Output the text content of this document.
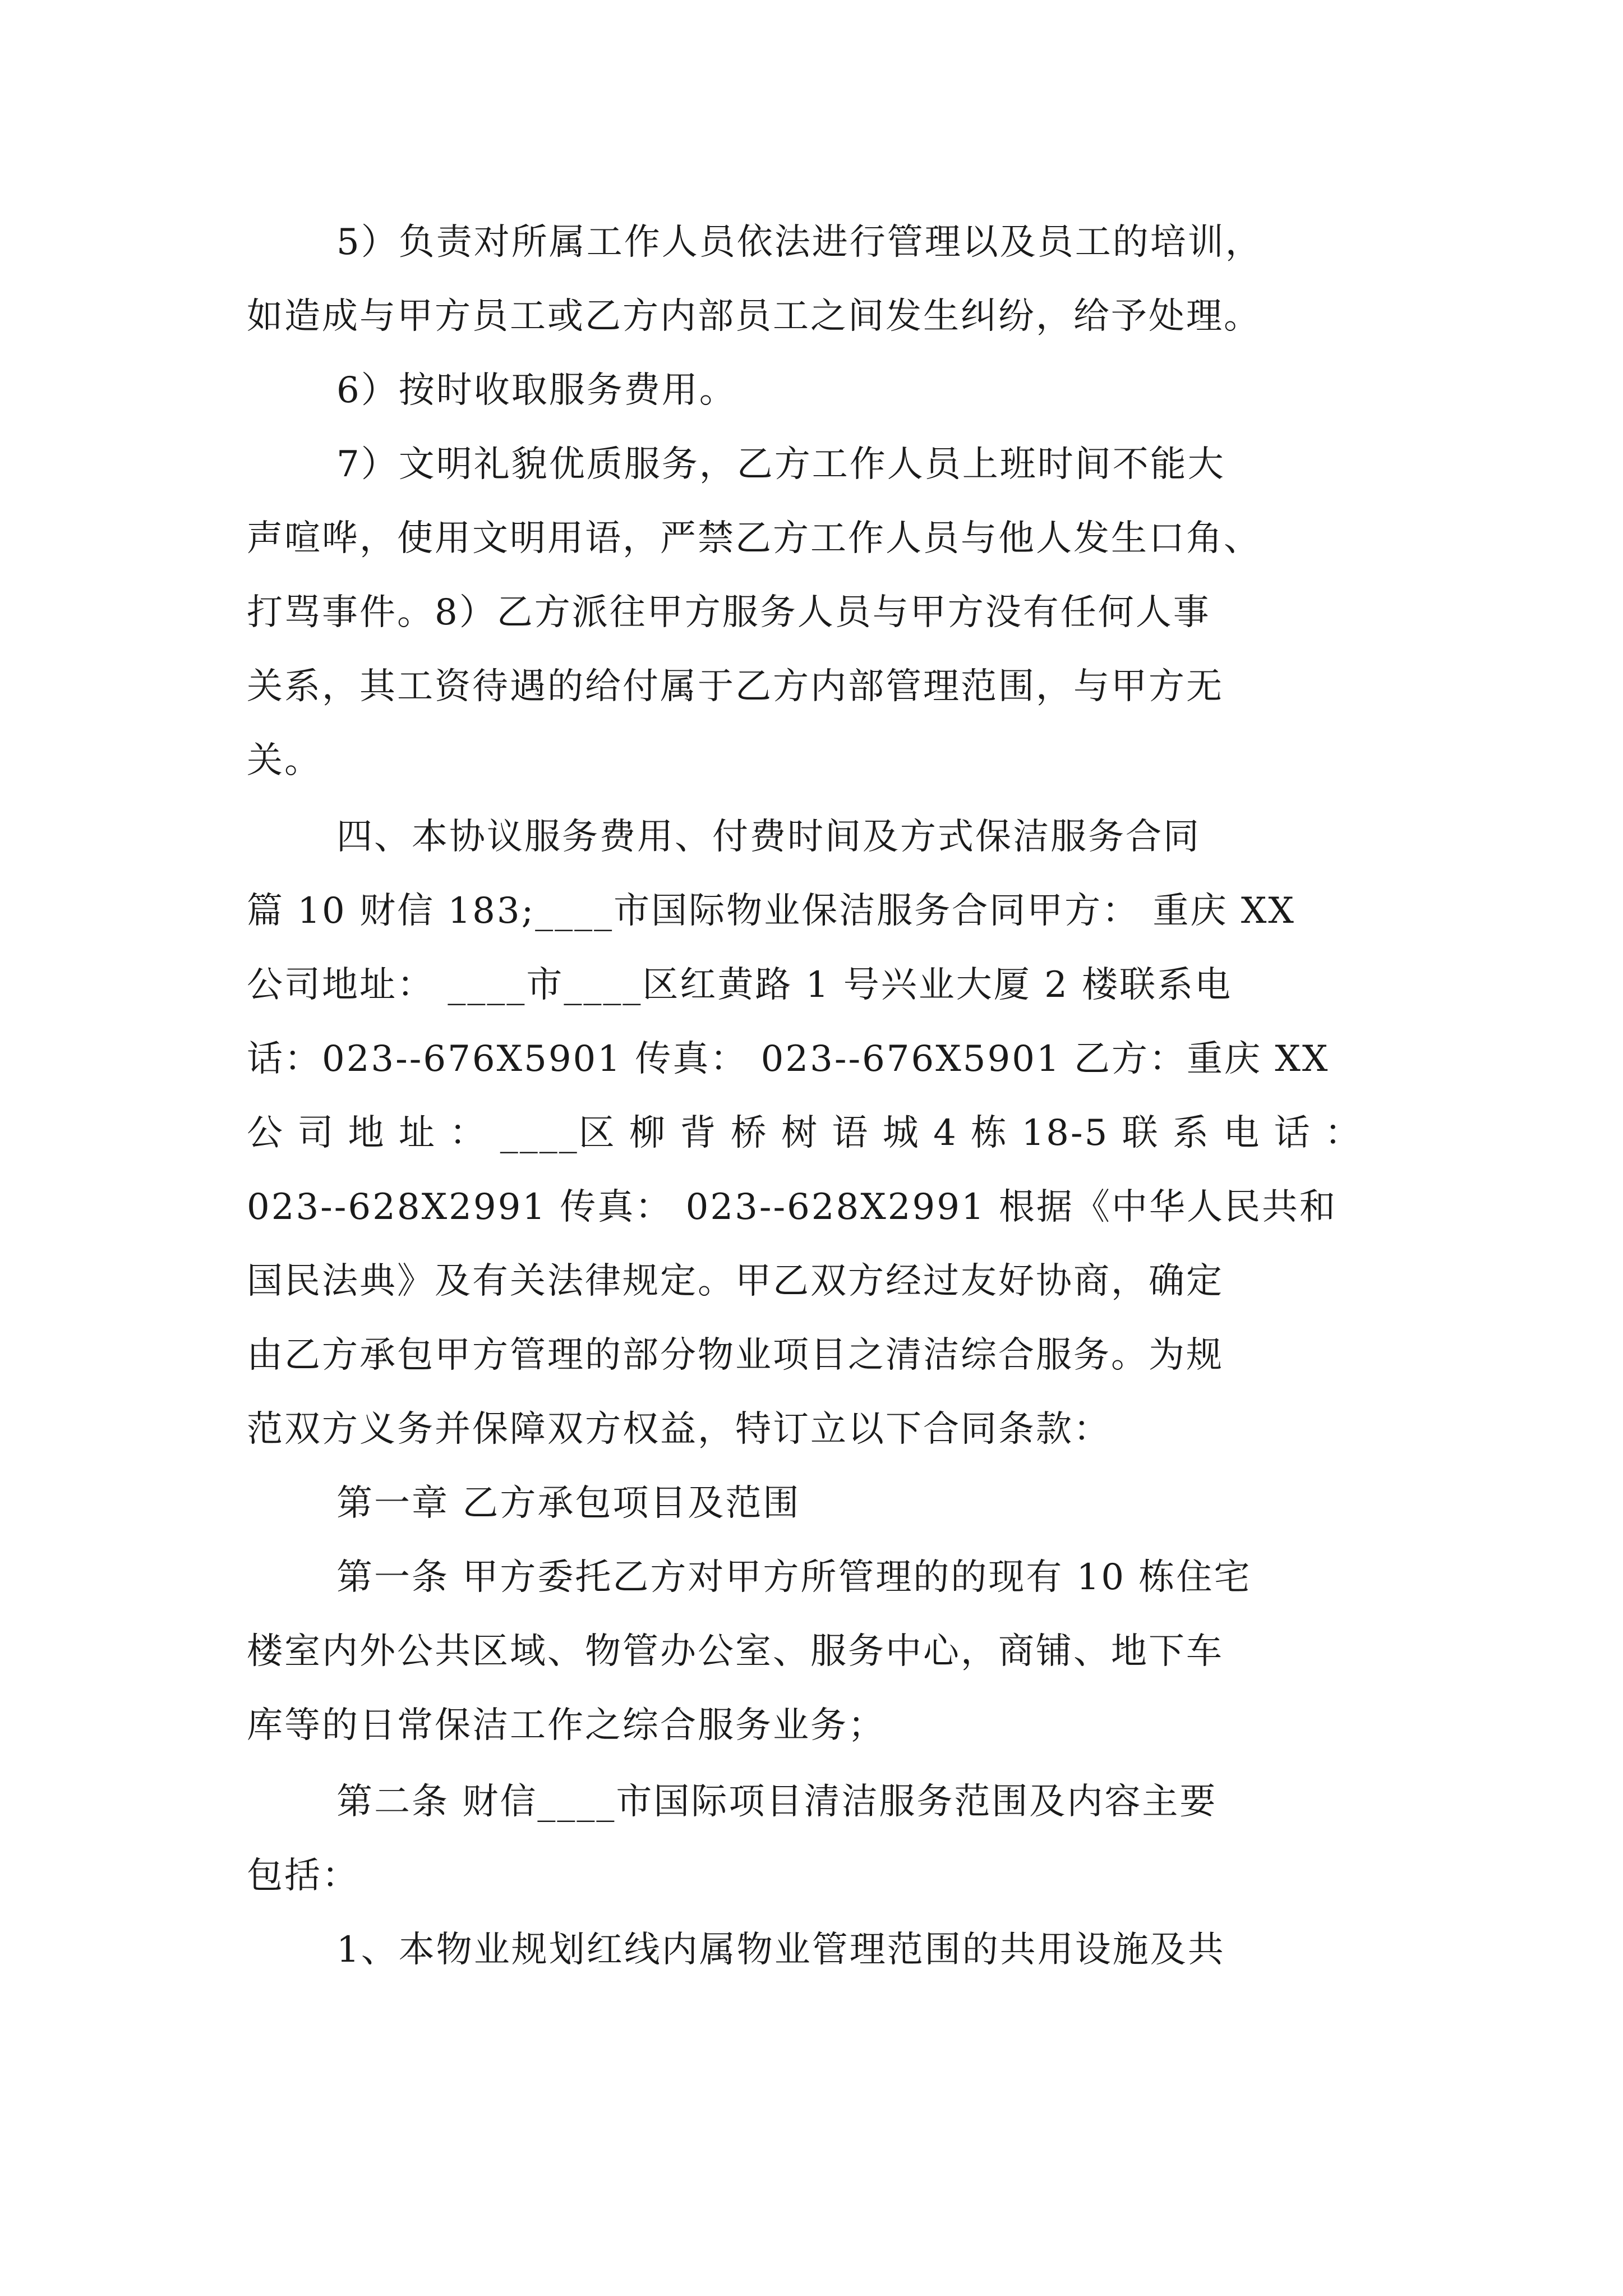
5）负责对所属工作人员依法进行管理以及员工的培训，

如造成与甲方员工或乙方内部员工之间发生纠纷，给予处理。

6）按时收取服务费用。

7）文明礼貌优质服务，乙方工作人员上班时间不能大

声喧哗，使用文明用语，严禁乙方工作人员与他人发生口角、

打骂事件。8）乙方派往甲方服务人员与甲方没有任何人事

关系，其工资待遇的给付属于乙方内部管理范围，与甲方无

关。

四、本协议服务费用、付费时间及方式保洁服务合同

篇 10 财信 183;____市国际物业保洁服务合同甲方： 重庆 XX

公司地址： ____市____区红黄路 1 号兴业大厦 2 楼联系电

话：023--676X5901 传真： 023--676X5901 乙方：重庆 XX

公 司 地 址 ： ____区 柳 背 桥 树 语 城 4 栋 18-5 联 系 电 话 ：

023--628X2991 传真： 023--628X2991 根据《中华人民共和

国民法典》及有关法律规定。甲乙双方经过友好协商，确定

由乙方承包甲方管理的部分物业项目之清洁综合服务。为规

范双方义务并保障双方权益，特订立以下合同条款：

第一章 乙方承包项目及范围

第一条 甲方委托乙方对甲方所管理的的现有 10 栋住宅

楼室内外公共区域、物管办公室、服务中心，商铺、地下车

库等的日常保洁工作之综合服务业务；

第二条 财信____市国际项目清洁服务范围及内容主要

包括：

1、本物业规划红线内属物业管理范围的共用设施及共
